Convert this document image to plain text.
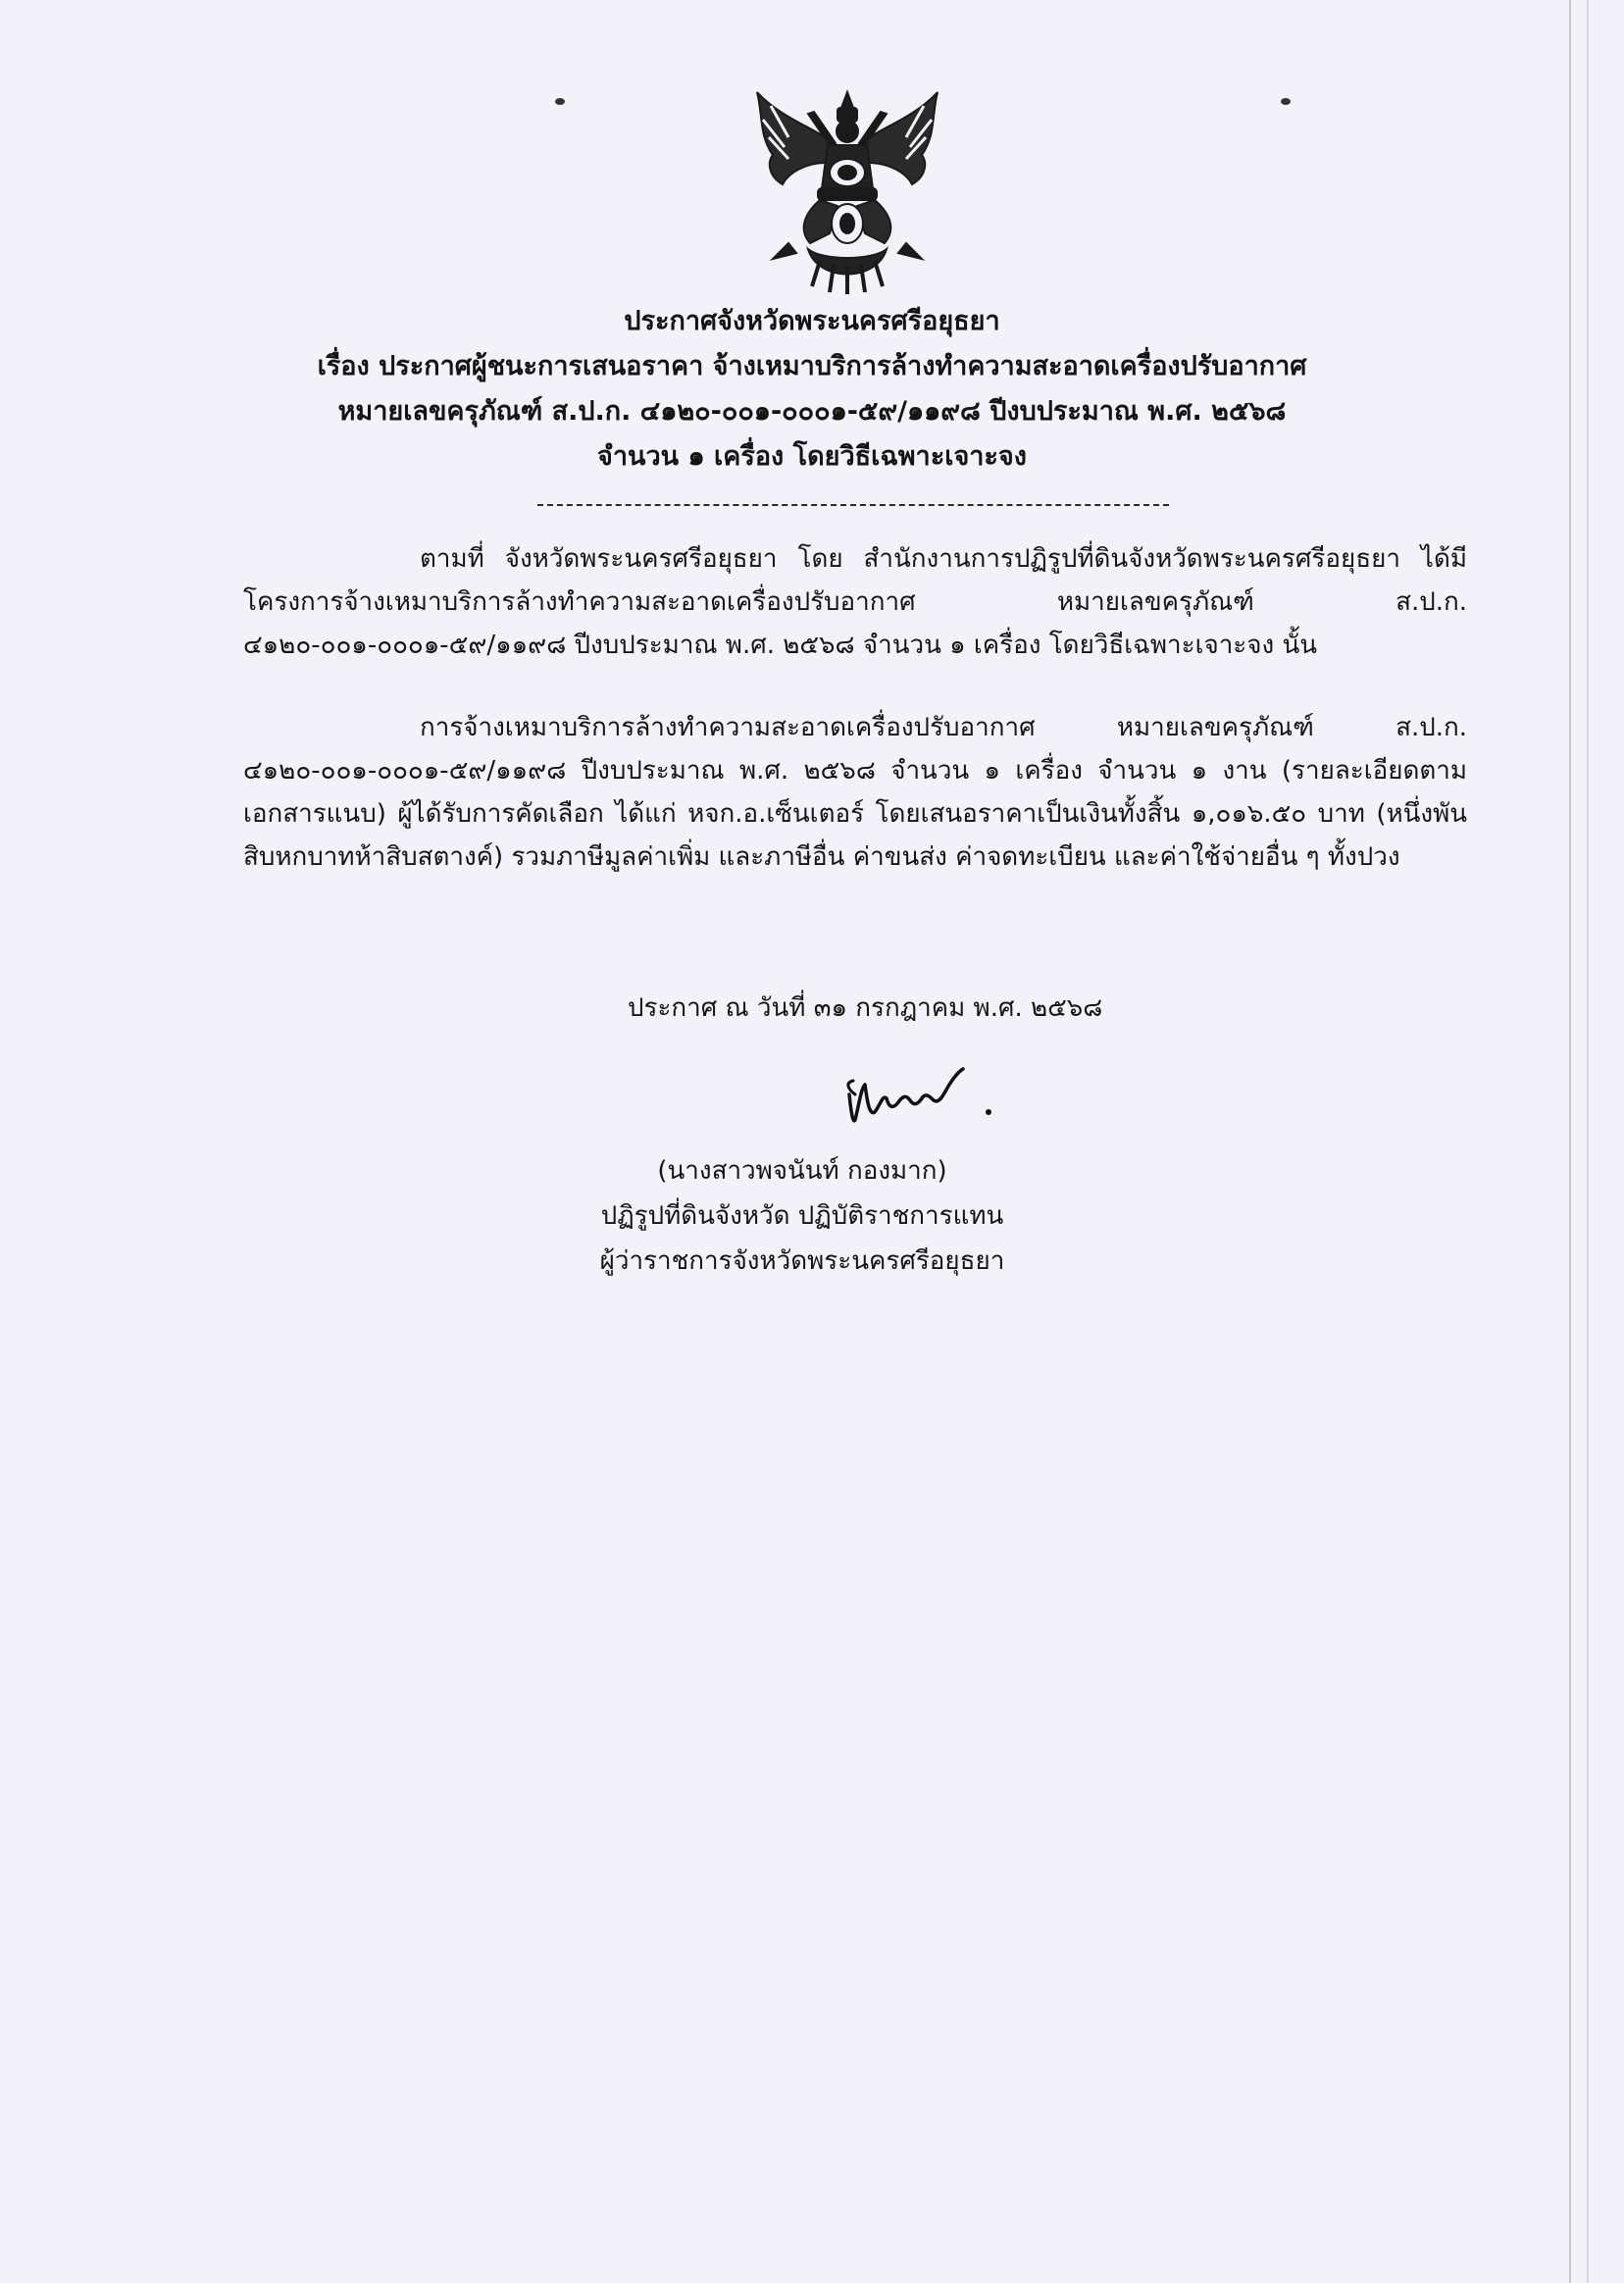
ประกาศจังหวัดพระนครศรีอยุธยา
เรื่อง ประกาศผู้ชนะการเสนอราคา จ้างเหมาบริการล้างทำความสะอาดเครื่องปรับอากาศ
หมายเลขครุภัณฑ์ ส.ป.ก. ๔๑๒๐-๐๐๑-๐๐๐๑-๕๙/๑๑๙๘ ปีงบประมาณ พ.ศ. ๒๕๖๘
จำนวน ๑ เครื่อง โดยวิธีเฉพาะเจาะจง
ตามที่ จังหวัดพระนครศรีอยุธยา โดย สำนักงานการปฏิรูปที่ดินจังหวัดพระนครศรีอยุธยา ได้มีโครงการจ้างเหมาบริการล้างทำความสะอาดเครื่องปรับอากาศ หมายเลขครุภัณฑ์ ส.ป.ก. ๔๑๒๐-๐๐๑-๐๐๐๑-๕๙/๑๑๙๘ ปีงบประมาณ พ.ศ. ๒๕๖๘ จำนวน ๑ เครื่อง โดยวิธีเฉพาะเจาะจง นั้น
การจ้างเหมาบริการล้างทำความสะอาดเครื่องปรับอากาศ หมายเลขครุภัณฑ์ ส.ป.ก. ๔๑๒๐-๐๐๑-๐๐๐๑-๕๙/๑๑๙๘ ปีงบประมาณ พ.ศ. ๒๕๖๘ จำนวน ๑ เครื่อง จำนวน ๑ งาน (รายละเอียดตามเอกสารแนบ) ผู้ได้รับการคัดเลือก ได้แก่ หจก.อ.เซ็นเตอร์ โดยเสนอราคาเป็นเงินทั้งสิ้น ๑,๐๑๖.๕๐ บาท (หนึ่งพันสิบหกบาทห้าสิบสตางค์) รวมภาษีมูลค่าเพิ่ม และภาษีอื่น ค่าขนส่ง ค่าจดทะเบียน และค่าใช้จ่ายอื่น ๆ ทั้งปวง
ประกาศ ณ วันที่ ๓๑ กรกฎาคม พ.ศ. ๒๕๖๘
(นางสาวพจนันท์ กองมาก)
ปฏิรูปที่ดินจังหวัด ปฏิบัติราชการแทน
ผู้ว่าราชการจังหวัดพระนครศรีอยุธยา
